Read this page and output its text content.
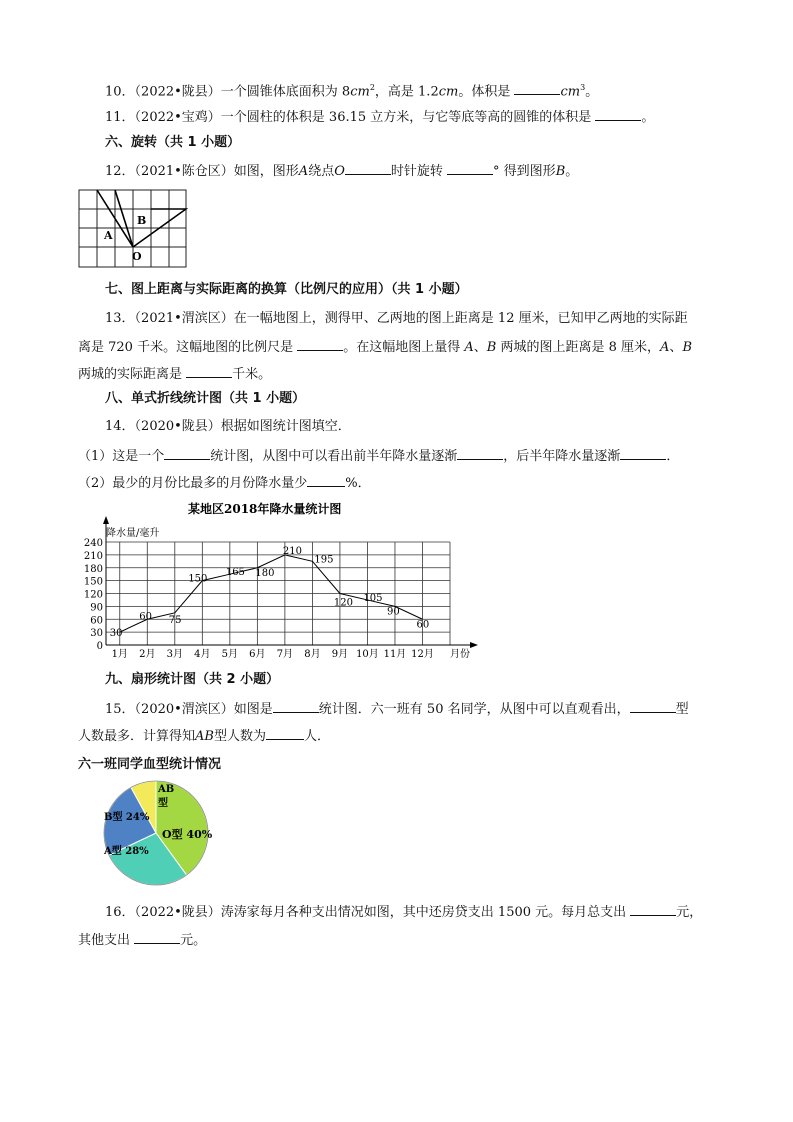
10．（2022•陇县）一个圆锥体底面积为 $8cm^2$，高是 1.2cm。体积是	$cm^3$。
11．（2022•宝鸡）一个圆柱的体积是 36.15 立方米，与它等底等高的圆锥的体积是	。
六、旋转（共 1 小题）
12．（2021•陈仓区）如图，图形A绕点O	时针旋转	° 得到图形B。
A
B
O
七、图上距离与实际距离的换算（比例尺的应用）（共 1 小题）
13．（2021•渭滨区）在一幅地图上，测得甲、乙两地的图上距离是 12 厘米，已知甲乙两地的实际距
离是 720 千米。这幅地图的比例尺是	。在这幅地图上量得 A、B 两城的图上距离是 8 厘米，A、B
两城的实际距离是	千米。
八、单式折线统计图（共 1 小题）
14．（2020•陇县）根据如图统计图填空．
（1）这是一个	统计图，从图中可以看出前半年降水量逐渐	，后半年降水量逐渐	．
（2）最少的月份比最多的月份降水量少	%．
某地区2018年降水量统计图
降水量/毫升
0
30
60
90
120
150
180
210
240
1月 2月 3月 4月 5月 6月 7月 8月 9月 10月 11月 12月
30
60 75
150
165 180
210
195
120 105
90
60
月份
九、扇形统计图（共 2 小题）
15．（2020•渭滨区）如图是	统计图．六一班有 50 名同学，从图中可以直观看出，	型
人数最多．计算得知AB型人数为	人．
六一班同学血型统计情况
AB
型
B型 24%
O型 40%
A型 28%
16．（2022•陇县）涛涛家每月各种支出情况如图，其中还房贷支出 1500 元。每月总支出	元，
其他支出	元。
